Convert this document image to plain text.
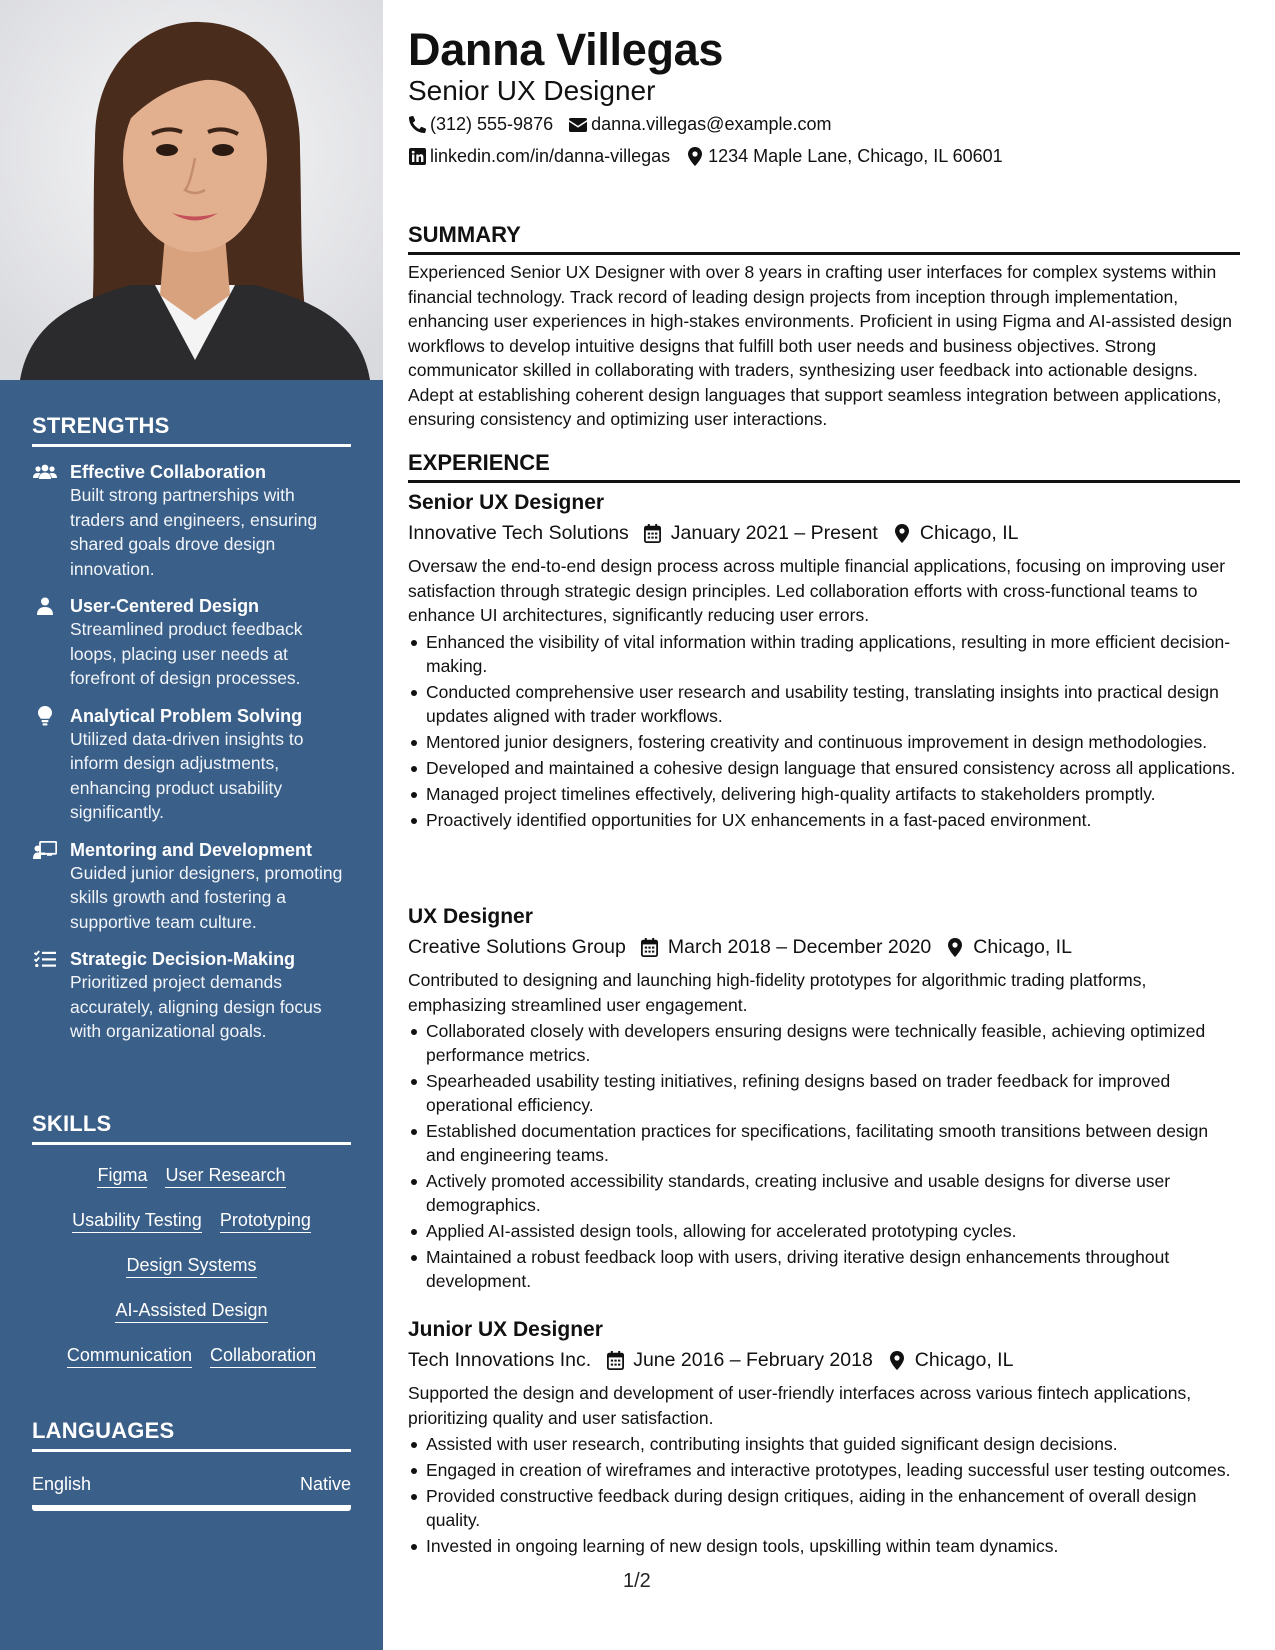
STRENGTHS
Effective Collaboration
Built strong partnerships with traders and engineers, ensuring shared goals drove design innovation.
User-Centered Design
Streamlined product feedback loops, placing user needs at forefront of design processes.
Analytical Problem Solving
Utilized data-driven insights to inform design adjustments, enhancing product usability significantly.
Mentoring and Development
Guided junior designers, promoting skills growth and fostering a supportive team culture.
Strategic Decision-Making
Prioritized project demands accurately, aligning design focus with organizational goals.
SKILLS
Figma User Research
Usability Testing Prototyping
Design Systems
AI-Assisted Design
Communication Collaboration
LANGUAGES
English	Native
Danna Villegas
Senior UX Designer
(312) 555-9876 danna.villegas@example.com
linkedin.com/in/danna-villegas 1234 Maple Lane, Chicago, IL 60601
SUMMARY
Experienced Senior UX Designer with over 8 years in crafting user interfaces for complex systems within financial technology. Track record of leading design projects from inception through implementation, enhancing user experiences in high-stakes environments. Proficient in using Figma and AI-assisted design workflows to develop intuitive designs that fulfill both user needs and business objectives. Strong communicator skilled in collaborating with traders, synthesizing user feedback into actionable designs. Adept at establishing coherent design languages that support seamless integration between applications, ensuring consistency and optimizing user interactions.
EXPERIENCE
Senior UX Designer
Innovative Tech Solutions January 2021 – Present Chicago, IL
Oversaw the end-to-end design process across multiple financial applications, focusing on improving user satisfaction through strategic design principles. Led collaboration efforts with cross-functional teams to enhance UI architectures, significantly reducing user errors.
Enhanced the visibility of vital information within trading applications, resulting in more efficient decision-making.
Conducted comprehensive user research and usability testing, translating insights into practical design updates aligned with trader workflows.
Mentored junior designers, fostering creativity and continuous improvement in design methodologies.
Developed and maintained a cohesive design language that ensured consistency across all applications.
Managed project timelines effectively, delivering high-quality artifacts to stakeholders promptly.
Proactively identified opportunities for UX enhancements in a fast-paced environment.
UX Designer
Creative Solutions Group March 2018 – December 2020 Chicago, IL
Contributed to designing and launching high-fidelity prototypes for algorithmic trading platforms, emphasizing streamlined user engagement.
Collaborated closely with developers ensuring designs were technically feasible, achieving optimized performance metrics.
Spearheaded usability testing initiatives, refining designs based on trader feedback for improved operational efficiency.
Established documentation practices for specifications, facilitating smooth transitions between design and engineering teams.
Actively promoted accessibility standards, creating inclusive and usable designs for diverse user demographics.
Applied AI-assisted design tools, allowing for accelerated prototyping cycles.
Maintained a robust feedback loop with users, driving iterative design enhancements throughout development.
Junior UX Designer
Tech Innovations Inc. June 2016 – February 2018 Chicago, IL
Supported the design and development of user-friendly interfaces across various fintech applications, prioritizing quality and user satisfaction.
Assisted with user research, contributing insights that guided significant design decisions.
Engaged in creation of wireframes and interactive prototypes, leading successful user testing outcomes.
Provided constructive feedback during design critiques, aiding in the enhancement of overall design quality.
Invested in ongoing learning of new design tools, upskilling within team dynamics.
1/2
